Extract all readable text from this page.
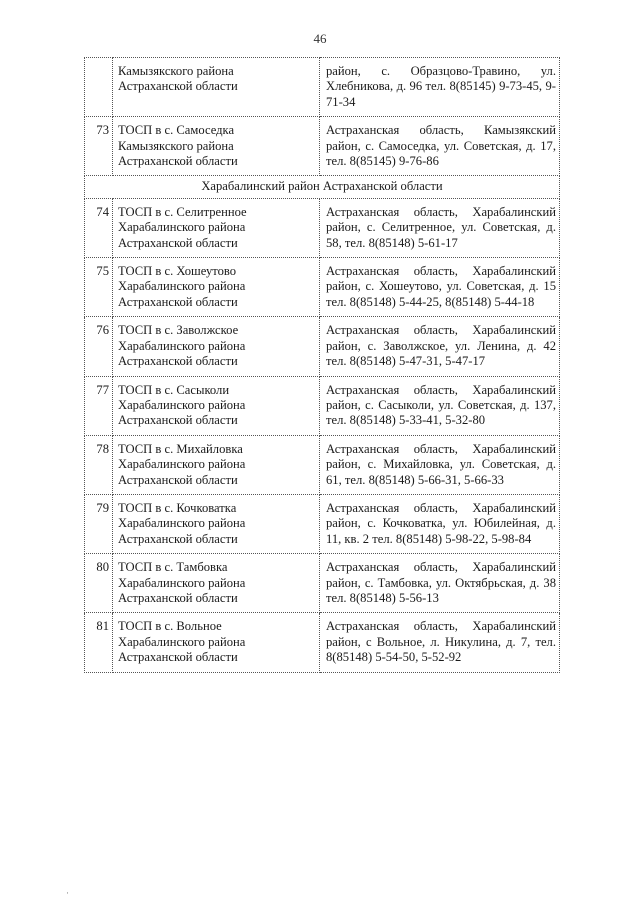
46

	Камызякского района
Астраханской области	район, с. Образцово-Травино, ул. Хлебникова, д. 96 тел. 8(85145) 9-73-45, 9-71-34
73	ТОСП в с. Самоседка
Камызякского района
Астраханской области	Астраханская область, Камызякский район, с. Самоседка, ул. Советская, д. 17, тел. 8(85145) 9-76-86
Харабалинский район Астраханской области		
74	ТОСП в с. Селитренное
Харабалинского района
Астраханской области	Астраханская область, Харабалинский район, с. Селитренное, ул. Советская, д. 58, тел. 8(85148) 5-61-17
75	ТОСП в с. Хошеутово
Харабалинского района
Астраханской области	Астраханская область, Харабалинский район, с. Хошеутово, ул. Советская, д. 15 тел. 8(85148) 5-44-25, 8(85148) 5-44-18
76	ТОСП в с. Заволжское
Харабалинского района
Астраханской области	Астраханская область, Харабалинский район, с. Заволжское, ул. Ленина, д. 42 тел. 8(85148) 5-47-31, 5-47-17
77	ТОСП в с. Сасыколи
Харабалинского района
Астраханской области	Астраханская область, Харабалинский район, с. Сасыколи, ул. Советская, д. 137, тел. 8(85148) 5-33-41, 5-32-80
78	ТОСП в с. Михайловка
Харабалинского района
Астраханской области	Астраханская область, Харабалинский район, с. Михайловка, ул. Советская, д. 61, тел. 8(85148) 5-66-31, 5-66-33
79	ТОСП в с. Кочковатка
Харабалинского района
Астраханской области	Астраханская область, Харабалинский район, с. Кочковатка, ул. Юбилейная, д. 11, кв. 2 тел. 8(85148) 5-98-22, 5-98-84
80	ТОСП в с. Тамбовка
Харабалинского района
Астраханской области	Астраханская область, Харабалинский район, с. Тамбовка, ул. Октябрьская, д. 38 тел. 8(85148) 5-56-13
81	ТОСП в с. Вольное
Харабалинского района
Астраханской области	Астраханская область, Харабалинский район, с Вольное, л. Никулина, д. 7, тел. 8(85148) 5-54-50, 5-52-92
·
